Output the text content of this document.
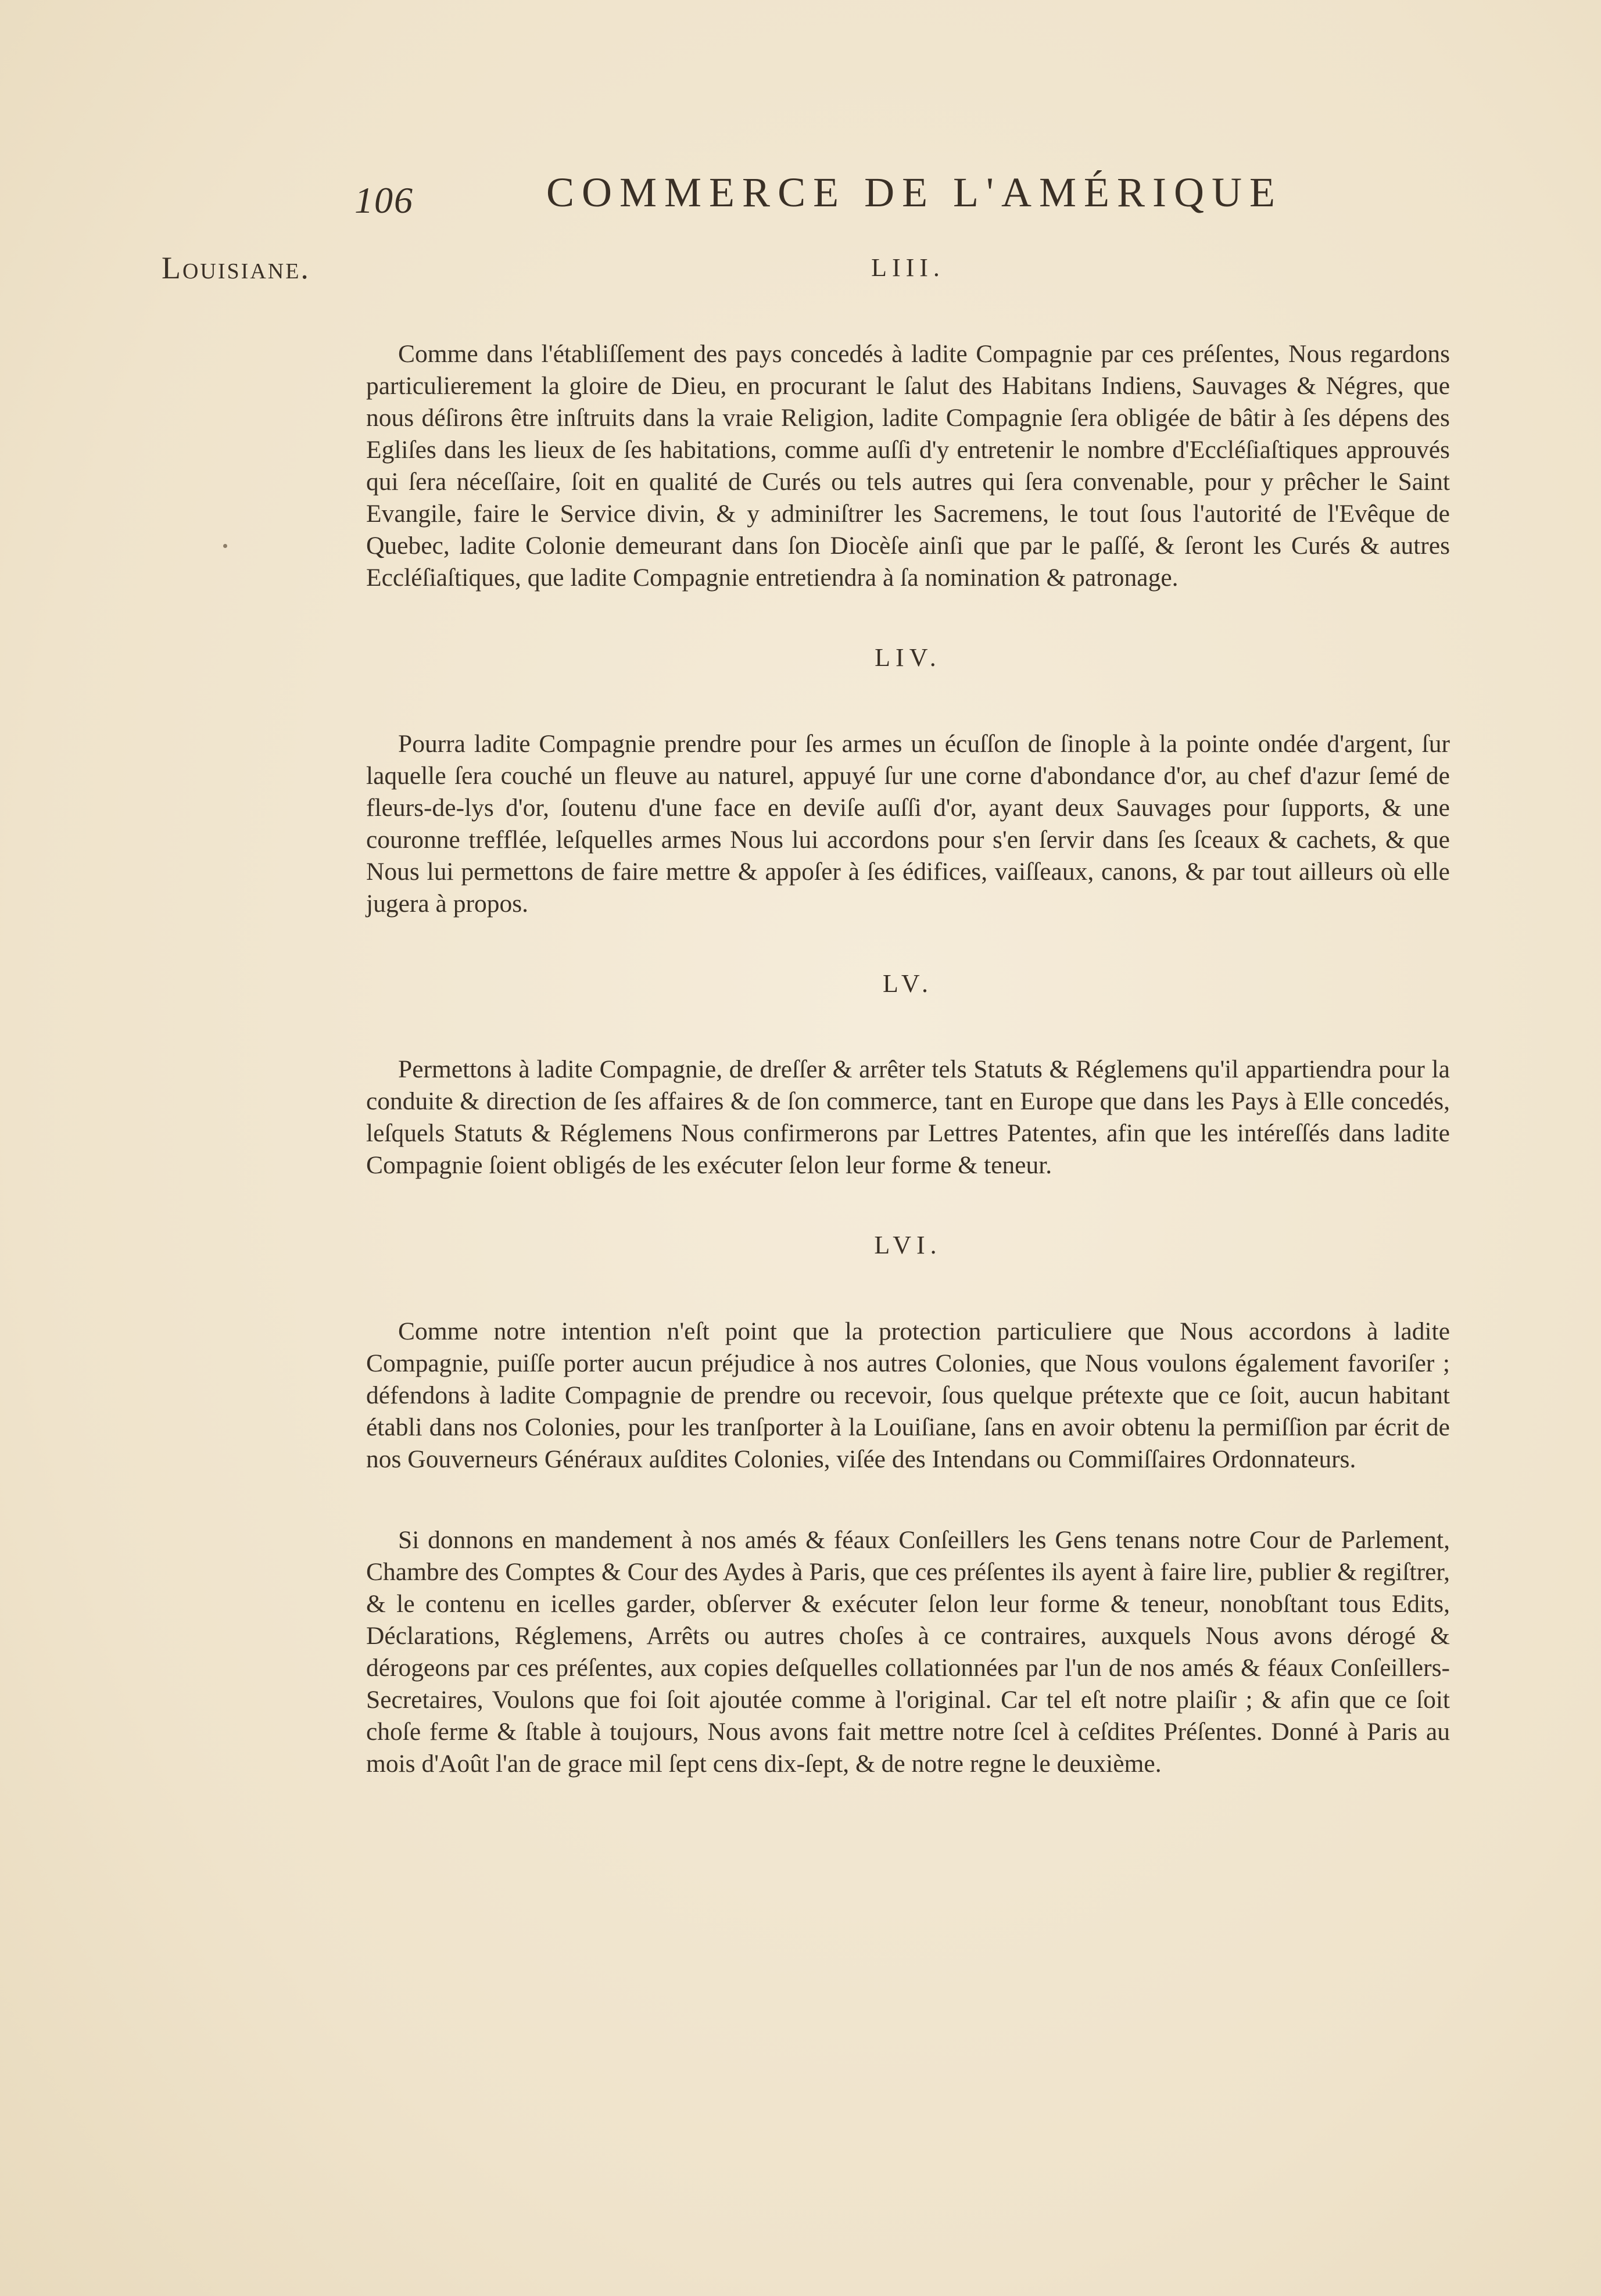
106	COMMERCE DE L'AMÉRIQUE
Louisiane.	LIII.

Comme dans l'établiſſement des pays concedés à ladite Compagnie par ces préſentes, Nous regardons particulierement la gloire de Dieu, en procurant le ſalut des Habitans Indiens, Sauvages & Négres, que nous déſirons être inſtruits dans la vraie Religion, ladite Compagnie ſera obligée de bâtir à ſes dépens des Egliſes dans les lieux de ſes habitations, comme auſſi d'y entretenir le nombre d'Eccléſiaſtiques approuvés qui ſera néceſſaire, ſoit en qualité de Curés ou tels autres qui ſera convenable, pour y prêcher le Saint Evangile, faire le Service divin, & y adminiſtrer les Sacremens, le tout ſous l'autorité de l'Evêque de Quebec, ladite Colonie demeurant dans ſon Diocèſe ainſi que par le paſſé, & ſeront les Curés & autres Eccléſiaſtiques, que ladite Compagnie entretiendra à ſa nomination & patronage.

LIV.

Pourra ladite Compagnie prendre pour ſes armes un écuſſon de ſinople à la pointe ondée d'argent, ſur laquelle ſera couché un fleuve au naturel, appuyé ſur une corne d'abondance d'or, au chef d'azur ſemé de fleurs-de-lys d'or, ſoutenu d'une face en deviſe auſſi d'or, ayant deux Sauvages pour ſupports, & une couronne trefflée, leſquelles armes Nous lui accordons pour s'en ſervir dans ſes ſceaux & cachets, & que Nous lui permettons de faire mettre & appoſer à ſes édifices, vaiſſeaux, canons, & par tout ailleurs où elle jugera à propos.

LV.

Permettons à ladite Compagnie, de dreſſer & arrêter tels Statuts & Réglemens qu'il appartiendra pour la conduite & direction de ſes affaires & de ſon commerce, tant en Europe que dans les Pays à Elle concedés, leſquels Statuts & Réglemens Nous confirmerons par Lettres Patentes, afin que les intéreſſés dans ladite Compagnie ſoient obligés de les exécuter ſelon leur forme & teneur.

LVI.

Comme notre intention n'eſt point que la protection particuliere que Nous accordons à ladite Compagnie, puiſſe porter aucun préjudice à nos autres Colonies, que Nous voulons également favoriſer ; défendons à ladite Compagnie de prendre ou recevoir, ſous quelque prétexte que ce ſoit, aucun habitant établi dans nos Colonies, pour les tranſporter à la Louiſiane, ſans en avoir obtenu la permiſſion par écrit de nos Gouverneurs Généraux auſdites Colonies, viſée des Intendans ou Commiſſaires Ordonnateurs.

Si donnons en mandement à nos amés & féaux Conſeillers les Gens tenans notre Cour de Parlement, Chambre des Comptes & Cour des Aydes à Paris, que ces préſentes ils ayent à faire lire, publier & regiſtrer, & le contenu en icelles garder, obſerver & exécuter ſelon leur forme & teneur, nonobſtant tous Edits, Déclarations, Réglemens, Arrêts ou autres choſes à ce contraires, auxquels Nous avons dérogé & dérogeons par ces préſentes, aux copies deſquelles collationnées par l'un de nos amés & féaux Conſeillers-Secretaires, Voulons que foi ſoit ajoutée comme à l'original. Car tel eſt notre plaiſir ; & afin que ce ſoit choſe ferme & ſtable à toujours, Nous avons fait mettre notre ſcel à ceſdites Préſentes. Donné à Paris au mois d'Août l'an de grace mil ſept cens dix-ſept, & de notre regne le deuxième.
